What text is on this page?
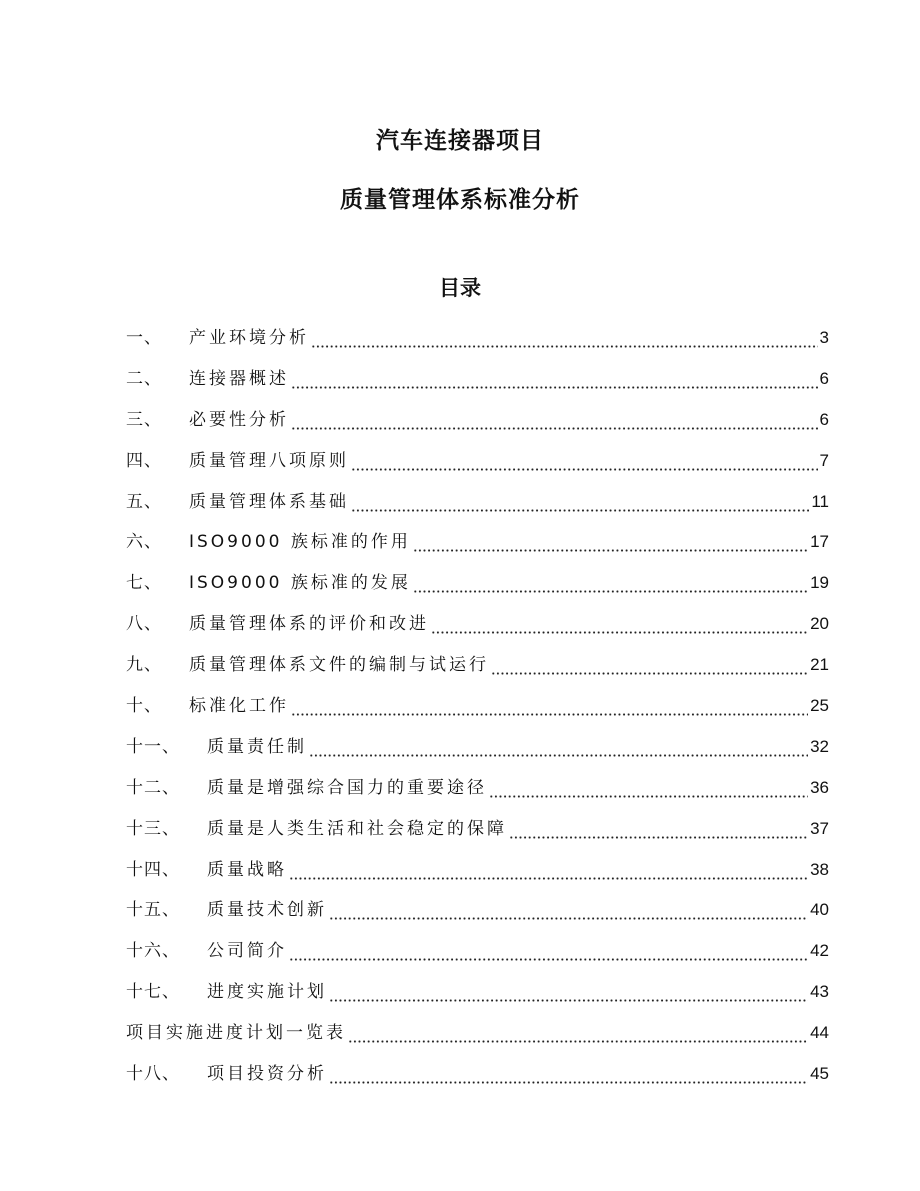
汽车连接器项目
质量管理体系标准分析
目录
一、 产业环境分析	3
二、 连接器概述	6
三、 必要性分析	6
四、 质量管理八项原则	7
五、 质量管理体系基础	11
六、 ISO9000 族标准的作用	17
七、 ISO9000 族标准的发展	19
八、 质量管理体系的评价和改进	20
九、 质量管理体系文件的编制与试运行	21
十、 标准化工作	25
十一、 质量责任制	32
十二、 质量是增强综合国力的重要途径	36
十三、 质量是人类生活和社会稳定的保障	37
十四、 质量战略	38
十五、 质量技术创新	40
十六、 公司简介	42
十七、 进度实施计划	43
项目实施进度计划一览表	44
十八、 项目投资分析	45
